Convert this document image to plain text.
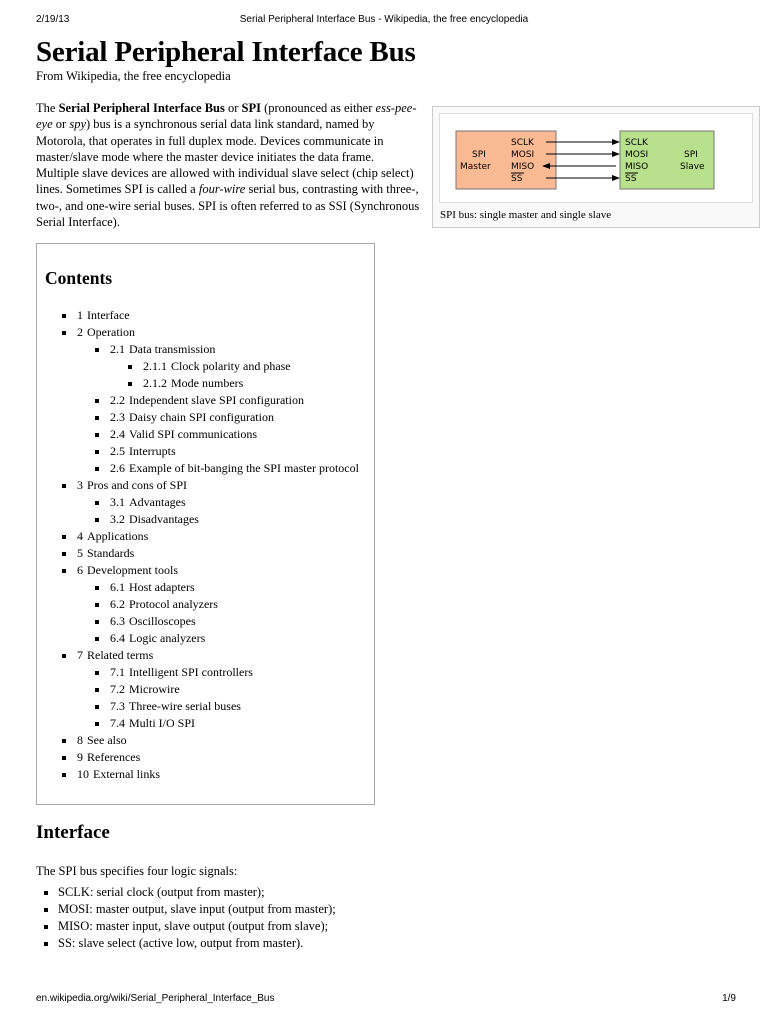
2/19/13	Serial Peripheral Interface Bus - Wikipedia, the free encyclopedia
Serial Peripheral Interface Bus
From Wikipedia, the free encyclopedia
The Serial Peripheral Interface Bus or SPI (pronounced as either ess-pee-eye or spy) bus is a synchronous serial data link standard, named by Motorola, that operates in full duplex mode. Devices communicate in master/slave mode where the master device initiates the data frame. Multiple slave devices are allowed with individual slave select (chip select) lines. Sometimes SPI is called a four-wire serial bus, contrasting with three-, two-, and one-wire serial buses. SPI is often referred to as SSI (Synchronous Serial Interface).
SPI
Master
SCLK
MOSI
MISO
SS
SCLK
MOSI
MISO
SS
SPI
Slave
SPI bus: single master and single slave
Contents
1 Interface
2 Operation
2.1 Data transmission
2.1.1 Clock polarity and phase
2.1.2 Mode numbers
2.2 Independent slave SPI configuration
2.3 Daisy chain SPI configuration
2.4 Valid SPI communications
2.5 Interrupts
2.6 Example of bit-banging the SPI master protocol
3 Pros and cons of SPI
3.1 Advantages
3.2 Disadvantages
4 Applications
5 Standards
6 Development tools
6.1 Host adapters
6.2 Protocol analyzers
6.3 Oscilloscopes
6.4 Logic analyzers
7 Related terms
7.1 Intelligent SPI controllers
7.2 Microwire
7.3 Three-wire serial buses
7.4 Multi I/O SPI
8 See also
9 References
10 External links
Interface
The SPI bus specifies four logic signals:
SCLK: serial clock (output from master);
MOSI: master output, slave input (output from master);
MISO: master input, slave output (output from slave);
SS: slave select (active low, output from master).
en.wikipedia.org/wiki/Serial_Peripheral_Interface_Bus	1/9
